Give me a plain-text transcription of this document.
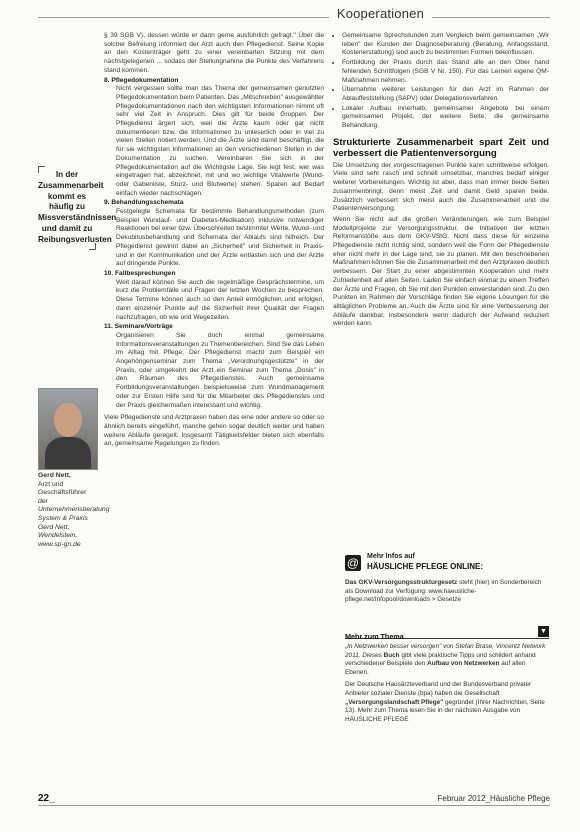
Kooperationen
In der Zusammenarbeit kommt es häufig zu Missverständnissen und damit zu Reibungsverlusten
Gerd Nett,
Arzt und Geschäftsführer
der Unternehmensberatung System & Praxis Gerd Nett, Wendelstein,
www.sp-gn.de

§ 39 SGB V), dessen würde er dann gerne ausführlich gefragt." Über die solcher Befreiung informiert der Arzt auch den Pflegedienst. Seine Kopie an den Kostenträger geht zu einer vereinbarten Sitzung mit dem nächstgelegenen ... sodass der Stellungnahme die Punkte des Verfahrens stand kommen.

8. Pflegedokumentation
Nicht vergessen sollte man das Thema der gemeinsamen genutzten Pflegedokumentation beim Patienten. Das „Mitschreiben" ausgewählter Pflegedokumentationen nach den wichtigsten Informationen nimmt oft sehr viel Zeit in Anspruch. Dies gilt für beide Gruppen. Der Pflegedienst ärgert sich, weil die Ärzte kaum oder gar nicht dokumentieren bzw. die Informationen zu unleserlich oder in viel zu vielen Stellen notiert werden. Und die Ärzte sind damit beschäftigt, die für sie wichtigsten Informationen an den verschiedenen Stellen in der Dokumentation zu suchen. Vereinbaren Sie sich in der Pflegedokumentation auf die Wichtigste Lage. Sie legt fest, wer was eingetragen hat, abzeichnet, mit und wo wichtige Vitalwerte (Wund- oder Gabenliste, Sturz- und Blutwerte) stehen. Sparen auf Bedarf einfach wieder nachschlagen.
9. Behandlungsschemata
Festgelegte Schemata für bestimmte Behandlungsmethoden (zum Beispiel Wundauf- und Diabetes-Medikation) inklusive notwendiger Reaktionen bei einer bzw. Überschreiten bestimmter Werte, Wund- und Dekubitusbehandlung und Schemata der Ablaufs sind hilfreich. Der Pflegedienst gewinnt dabei an „Sicherheit" und Sicherheit in Praxis- und in der Kommunikation und der Ärzte entlasten sich und der Arzte auf dringende Punkte.
10. Fallbesprechungen
Weit darauf können Sie auch die regelmäßige Gesprächstermine, um kurz die Problemfälle und Fragen der letzten Wochen zu besprechen. Diese Termine können auch so den Anteil ermöglichen und erfolgen, dann einzelner Punkte auf die Sicherheit ihrer Qualität der Fragen nachzufragen, ob wie und Wegezeiten.
11. Seminare/Vorträge
Organisieren Sie doch einmal gemeinsame Informationsveranstaltungen zu Themenbereichen. Sind Sie das Leben im Alltag mit Pflege, Der Pflegedienst macht zum Beispiel ein Angehörigenseminar zum Thema „Verordnungsgestützte" in der Praxis, oder umgekehrt der Arzt ein Seminar zum Thema „Dosis" in den Räumen des Pflegedienstes. Auch gemeinsame Fortbildungsveranstaltungen beispielsweise zum Wundmanagement oder zur Ersten Hilfe sind für die Mitarbeiter des Pflegedienstes und der Praxis gleichermaßen interessant und wichtig.

Viele Pflegedienste und Arztpraxen haben das eine oder andere so oder so ähnlich bereits eingeführt, manche gehen sogar deutlich weiter und haben weitere Abläufe geregelt. Insgesamt Tätigkeitsfelder bieten sich ebenfalls an, gemeinsame Regelungen zu finden.

• Gemeinsame Sprechstunden zum Vergleich beim gemeinsamen „Wir leben" der Kunden der Diagnoseberatung (Beratung, Anfangsstand, Kostenerstattung) sind auch zu bestimmten Formen beeinflussen.
• Fortbildung der Praxis durch das Stand alle an den Ober hand fehlenden Schrittfolgen (SGB V Nr. 150). Für das Lernen eigene QM-Maßnahmen nehmen.
• Übernahme weiterer Leistungen für den Arzt im Rahmen der Ablauffeststellung (SAPV) oder Delegationsverfahren.
• Lokaler Aufbau innerhalb, gemeinsamer Angebote bei einem gemeinsamen Projekt, der weitere Seite, die gemeinsame Behandlung.
Strukturierte Zusammenarbeit spart Zeit und verbessert die Patientenversorgung

Die Umsetzung der vorgeschlagenen Punkte kann schrittweise erfolgen. Viele sind sehr rasch und schnell umsetzbar, manches bedarf einiger weiterer Vorbereitungen. Wichtig ist aber, dass man immer beide Seiten zusammenbringt, denn meist Zeit und damit Geld sparen beide. Zusätzlich verbessert sich meist auch die Zusammenarbeit und die Patientenversorgung.

Wenn Sie nicht auf die großen Veränderungen, wie zum Beispiel Modellprojekte zur Versorgungsstruktur, die Initiativen der letzten Reformanstöße aus dem GKV-VStG. Nicht dass diese für einzelne Pflegedienste nicht richtig sind, sondern weil die Form der Pflegedienste eher nicht mehr in der Lage sind, sie zu planen. Mit den beschriebenen Maßnahmen können Sie die Zusammenarbeit mit den Arztpraxen deutlich verbessern. Der Start zu einer abgestimmten Kooperation und mehr Zufriedenheit auf allen Seiten. Laden Sie einfach einmal zu einem Treffen der Ärzte und Fragen, ob Sie mit den Punkten einverstanden sind. Zu den Punkten im Rahmen der Vorschläge finden Sie eigene Lösungen für die alltäglichen Probleme an. Auch die Ärzte sind für eine Verbesserung der Abläufe dankbar, insbesondere wenn dadurch der Aufwand reduziert werden kann.

@ Mehr Infos auf
HÄUSLICHE PFLEGE ONLINE:
Das GKV-Versorgungsstrukturgesetz steht (hier) im Sonderbereich als Download zur Verfügung: www.haeusliche-pflege.net/Infopool/downloads > Gesetze
Mehr zum Thema
▼

„In Netzwerken besser versorgen" von Stefan Brase, Vincentz Network 2011. Dieses Buch gibt viele praktische Tipps und schildert anhand verschiedener Beispiele den Aufbau von Netzwerken auf allen Ebenen.

Der Deutsche Hausärzteverband und der Bundesverband privater Anbieter sozialer Dienste (bpa) haben die Gesellschaft „Versorgungslandschaft Pflege" gegründet (Ihrer Nachrichten, Seite 13). Mehr zum Thema lesen Sie in der nächsten Ausgabe von HÄUSLICHE PFLEGE

22_	Februar 2012_Häusliche Pflege
